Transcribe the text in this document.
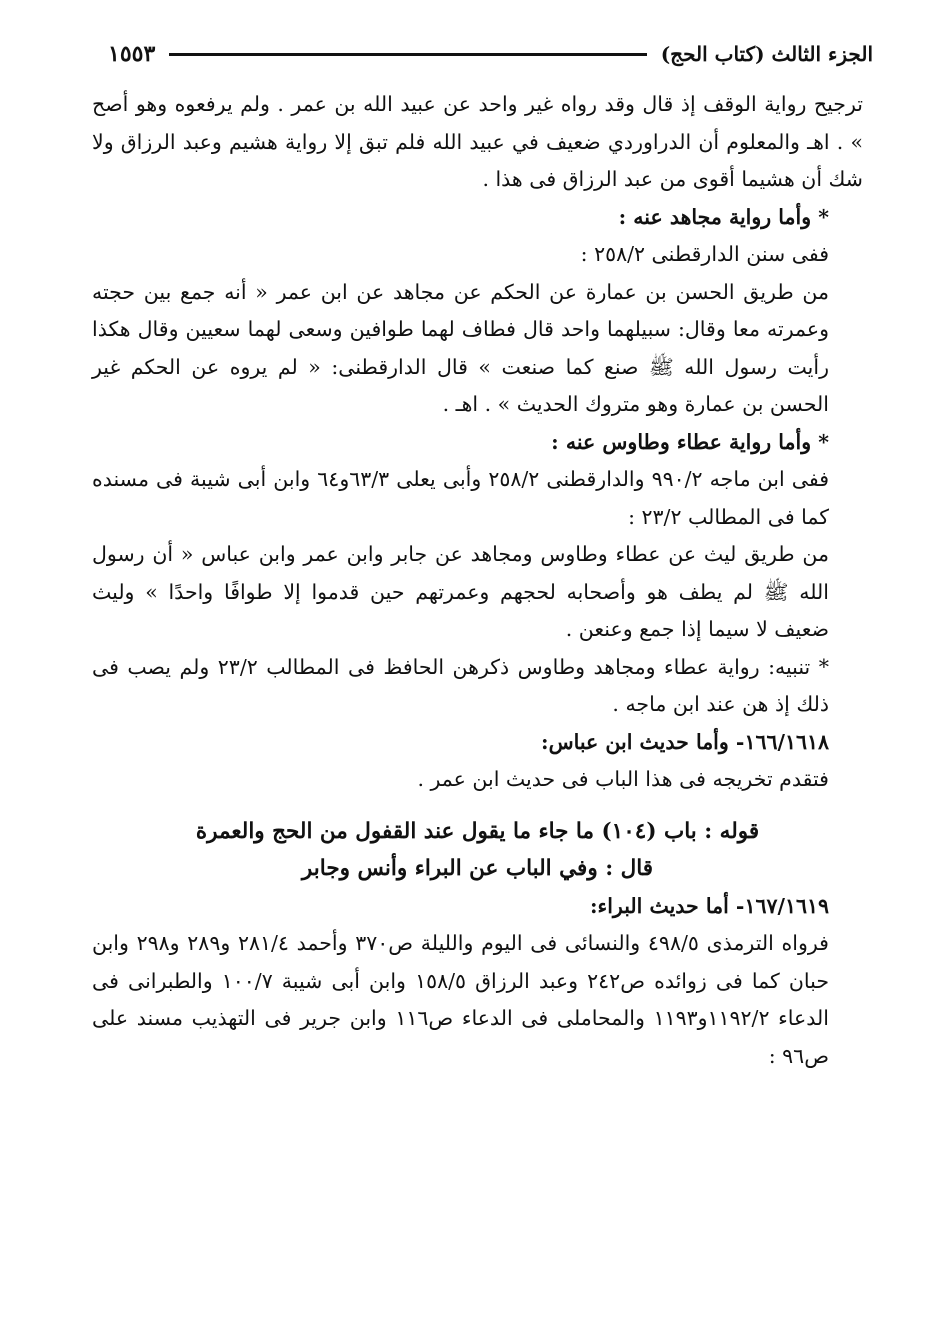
الجزء الثالث (كتاب الحج)
١٥٥٣

ترجيح رواية الوقف إذ قال وقد رواه غير واحد عن عبيد الله بن عمر . ولم يرفعوه وهو أصح » . اهـ والمعلوم أن الدراوردي ضعيف في عبيد الله فلم تبق إلا رواية هشيم وعبد الرزاق ولا شك أن هشيما أقوى من عبد الرزاق فى هذا .

* وأما رواية مجاهد عنه :

ففى سنن الدارقطنى ٢٥٨/٢ :

من طريق الحسن بن عمارة عن الحكم عن مجاهد عن ابن عمر « أنه جمع بين حجته وعمرته معا وقال: سبيلهما واحد قال فطاف لهما طوافين وسعى لهما سعيين وقال هكذا رأيت رسول الله ﷺ صنع كما صنعت » قال الدارقطنى: « لم يروه عن الحكم غير الحسن بن عمارة وهو متروك الحديث » . اهـ .

* وأما رواية عطاء وطاوس عنه :

ففى ابن ماجه ٩٩٠/٢ والدارقطنى ٢٥٨/٢ وأبى يعلى ٦٣/٣و٦٤ وابن أبى شيبة فى مسنده كما فى المطالب ٢٣/٢ :

من طريق ليث عن عطاء وطاوس ومجاهد عن جابر وابن عمر وابن عباس « أن رسول الله ﷺ لم يطف هو وأصحابه لحجهم وعمرتهم حين قدموا إلا طوافًا واحدًا » وليث ضعيف لا سيما إذا جمع وعنعن .

* تنبيه: رواية عطاء ومجاهد وطاوس ذكرهن الحافظ فى المطالب ٢٣/٢ ولم يصب فى ذلك إذ هن عند ابن ماجه .

١٦٦/١٦١٨- وأما حديث ابن عباس:

فتقدم تخريجه فى هذا الباب فى حديث ابن عمر .

قوله : باب (١٠٤) ما جاء ما يقول عند القفول من الحج والعمرة

قال : وفي الباب عن البراء وأنس وجابر

١٦٧/١٦١٩- أما حديث البراء:

فرواه الترمذى ٤٩٨/٥ والنسائى فى اليوم والليلة ص٣٧٠ وأحمد ٢٨١/٤ و٢٨٩ و٢٩٨ وابن حبان كما فى زوائده ص٢٤٢ وعبد الرزاق ١٥٨/٥ وابن أبى شيبة ١٠٠/٧ والطبرانى فى الدعاء ١١٩٢/٢و١١٩٣ والمحاملى فى الدعاء ص١١٦ وابن جرير فى التهذيب مسند على ص٩٦ :
